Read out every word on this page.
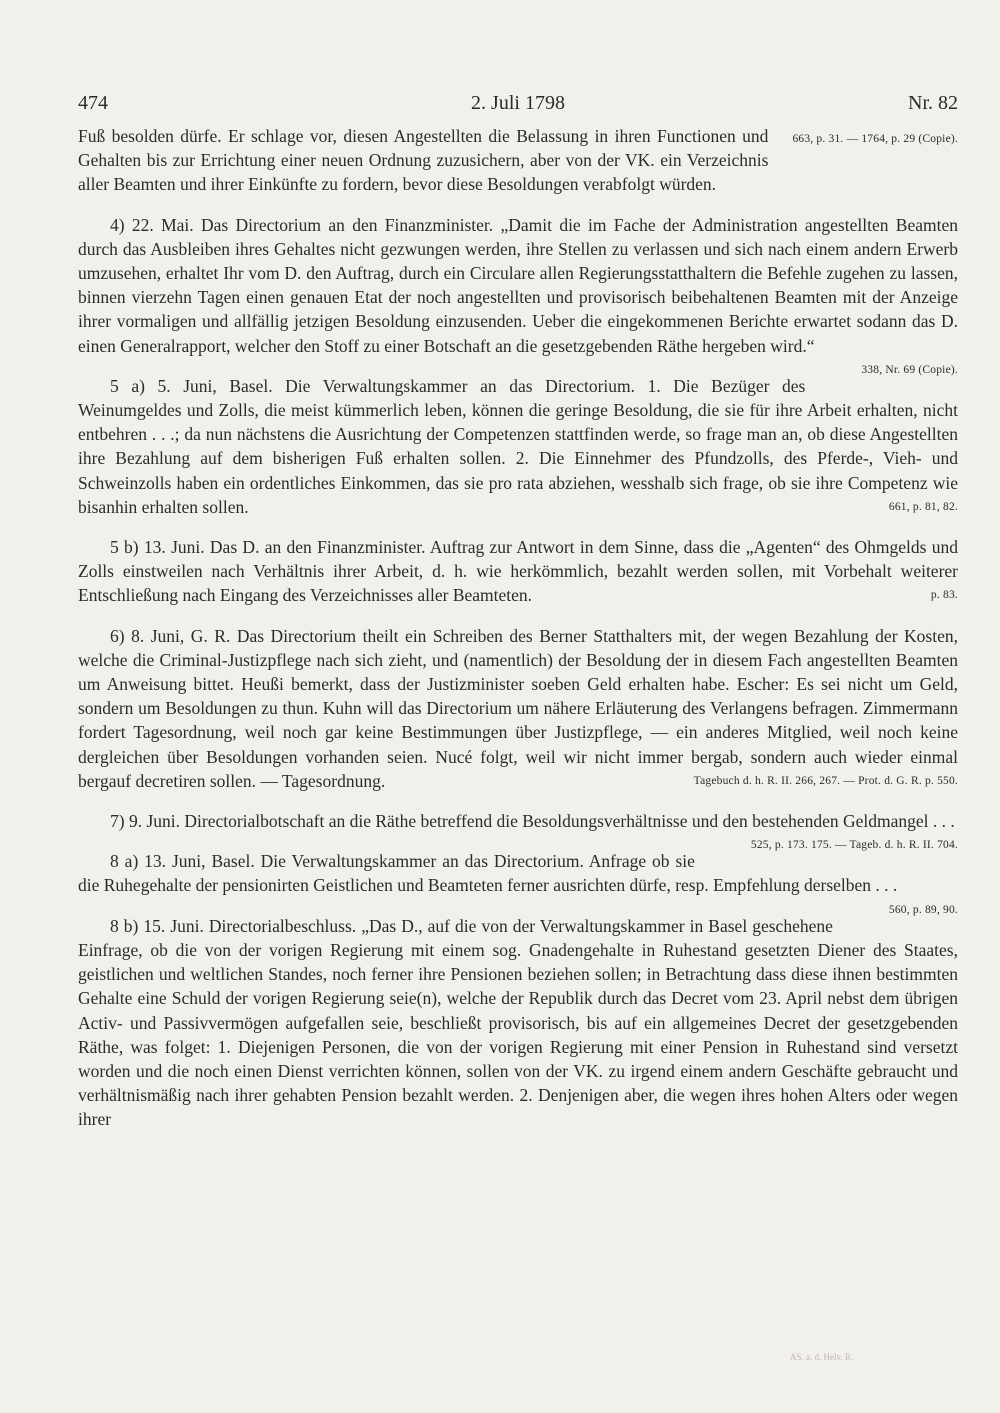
474	2. Juli 1798	Nr. 82

Fuß besolden dürfe. Er schlage vor, diesen Angestellten die Belassung in ihren Functionen und Gehalten bis zur Errichtung einer neuen Ordnung zuzusichern, aber von der VK. ein Verzeichnis aller Beamten und ihrer Einkünfte zu fordern, bevor diese Besoldungen verabfolgt würden.
663, p. 31. — 1764, p. 29 (Copie).

4) 22. Mai. Das Directorium an den Finanzminister. „Damit die im Fache der Administration angestellten Beamten durch das Ausbleiben ihres Gehaltes nicht gezwungen werden, ihre Stellen zu verlassen und sich nach einem andern Erwerb umzusehen, erhaltet Ihr vom D. den Auftrag, durch ein Circulare allen Regierungsstatthaltern die Befehle zugehen zu lassen, binnen vierzehn Tagen einen genauen Etat der noch angestellten und provisorisch beibehaltenen Beamten mit der Anzeige ihrer vormaligen und allfällig jetzigen Besoldung einzusenden. Ueber die eingekommenen Berichte erwartet sodann das D. einen Generalrapport, welcher den Stoff zu einer Botschaft an die gesetzgebenden Räthe hergeben wird.“
338, Nr. 69 (Copie).

5 a) 5. Juni, Basel. Die Verwaltungskammer an das Directorium. 1. Die Bezüger des Weinumgeldes und Zolls, die meist kümmerlich leben, können die geringe Besoldung, die sie für ihre Arbeit erhalten, nicht entbehren . . .; da nun nächstens die Ausrichtung der Competenzen stattfinden werde, so frage man an, ob diese Angestellten ihre Bezahlung auf dem bisherigen Fuß erhalten sollen. 2. Die Einnehmer des Pfundzolls, des Pferde-, Vieh- und Schweinzolls haben ein ordentliches Einkommen, das sie pro rata abziehen, wesshalb sich frage, ob sie ihre Competenz wie bisanhin erhalten sollen.	661, p. 81, 82.

5 b) 13. Juni. Das D. an den Finanzminister. Auftrag zur Antwort in dem Sinne, dass die „Agenten“ des Ohmgelds und Zolls einstweilen nach Verhältnis ihrer Arbeit, d. h. wie herkömmlich, bezahlt werden sollen, mit Vorbehalt weiterer Entschließung nach Eingang des Verzeichnisses aller Beamteten.	p. 83.

6) 8. Juni, G. R. Das Directorium theilt ein Schreiben des Berner Statthalters mit, der wegen Bezahlung der Kosten, welche die Criminal-Justizpflege nach sich zieht, und (namentlich) der Besoldung der in diesem Fach angestellten Beamten um Anweisung bittet. Heußi bemerkt, dass der Justizminister soeben Geld erhalten habe. Escher: Es sei nicht um Geld, sondern um Besoldungen zu thun. Kuhn will das Directorium um nähere Erläuterung des Verlangens befragen. Zimmermann fordert Tagesordnung, weil noch gar keine Bestimmungen über Justizpflege, — ein anderes Mitglied, weil noch keine dergleichen über Besoldungen vorhanden seien. Nucé folgt, weil wir nicht immer bergab, sondern auch wieder einmal bergauf decretiren sollen. — Tagesordnung.	Tagebuch d. h. R. II. 266, 267. — Prot. d. G. R. p. 550.

7) 9. Juni. Directorialbotschaft an die Räthe betreffend die Besoldungsverhältnisse und den bestehenden Geldmangel . . .
525, p. 173. 175. — Tageb. d. h. R. II. 704.

8 a) 13. Juni, Basel. Die Verwaltungskammer an das Directorium. Anfrage ob sie die Ruhegehalte der pensionirten Geistlichen und Beamteten ferner ausrichten dürfe, resp. Empfehlung derselben . . .
560, p. 89, 90.

8 b) 15. Juni. Directorialbeschluss. „Das D., auf die von der Verwaltungskammer in Basel geschehene Einfrage, ob die von der vorigen Regierung mit einem sog. Gnadengehalte in Ruhestand gesetzten Diener des Staates, geistlichen und weltlichen Standes, noch ferner ihre Pensionen beziehen sollen; in Betrachtung dass diese ihnen bestimmten Gehalte eine Schuld der vorigen Regierung seie(n), welche der Republik durch das Decret vom 23. April nebst dem übrigen Activ- und Passivvermögen aufgefallen seie, beschließt provisorisch, bis auf ein allgemeines Decret der gesetzgebenden Räthe, was folget: 1. Diejenigen Personen, die von der vorigen Regierung mit einer Pension in Ruhestand sind versetzt worden und die noch einen Dienst verrichten können, sollen von der VK. zu irgend einem andern Geschäfte gebraucht und verhältnismäßig nach ihrer gehabten Pension bezahlt werden. 2. Denjenigen aber, die wegen ihres hohen Alters oder wegen ihrer

AS. a. d. Helv. R.
